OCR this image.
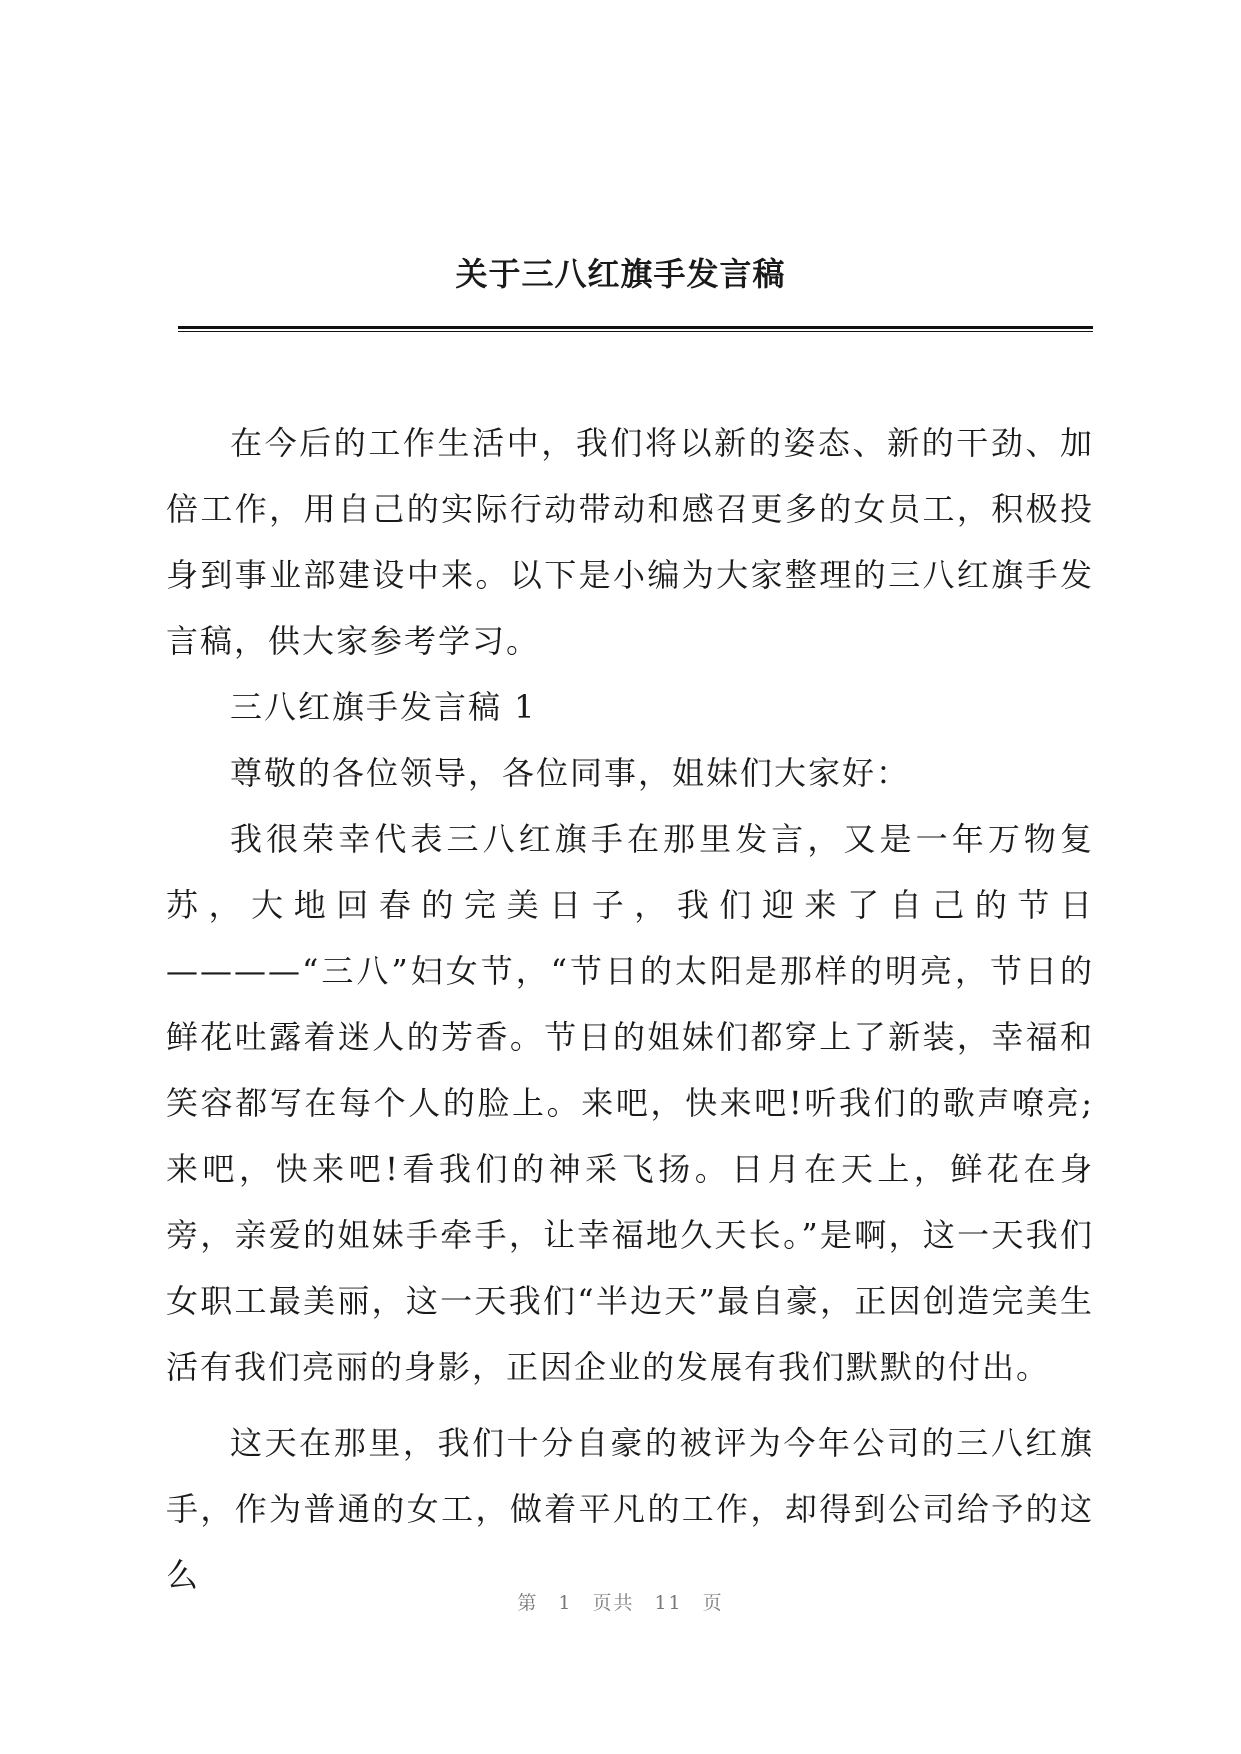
关于三八红旗手发言稿

在今后的工作生活中，我们将以新的姿态、新的干劲、加倍工作，用自己的实际行动带动和感召更多的女员工，积极投身到事业部建设中来。以下是小编为大家整理的三八红旗手发言稿，供大家参考学习。

三八红旗手发言稿 1

尊敬的各位领导，各位同事，姐妹们大家好：

我很荣幸代表三八红旗手在那里发言，又是一年万物复苏，大地回春的完美日子，我们迎来了自己的节日————“三八”妇女节，“节日的太阳是那样的明亮，节日的鲜花吐露着迷人的芳香。节日的姐妹们都穿上了新装，幸福和笑容都写在每个人的脸上。来吧，快来吧!听我们的歌声嘹亮;来吧，快来吧!看我们的神采飞扬。日月在天上，鲜花在身旁，亲爱的姐妹手牵手，让幸福地久天长。”是啊，这一天我们女职工最美丽，这一天我们“半边天”最自豪，正因创造完美生活有我们亮丽的身影，正因企业的发展有我们默默的付出。

这天在那里，我们十分自豪的被评为今年公司的三八红旗手，作为普通的女工，做着平凡的工作，却得到公司给予的这么

第 1 页共 11 页
